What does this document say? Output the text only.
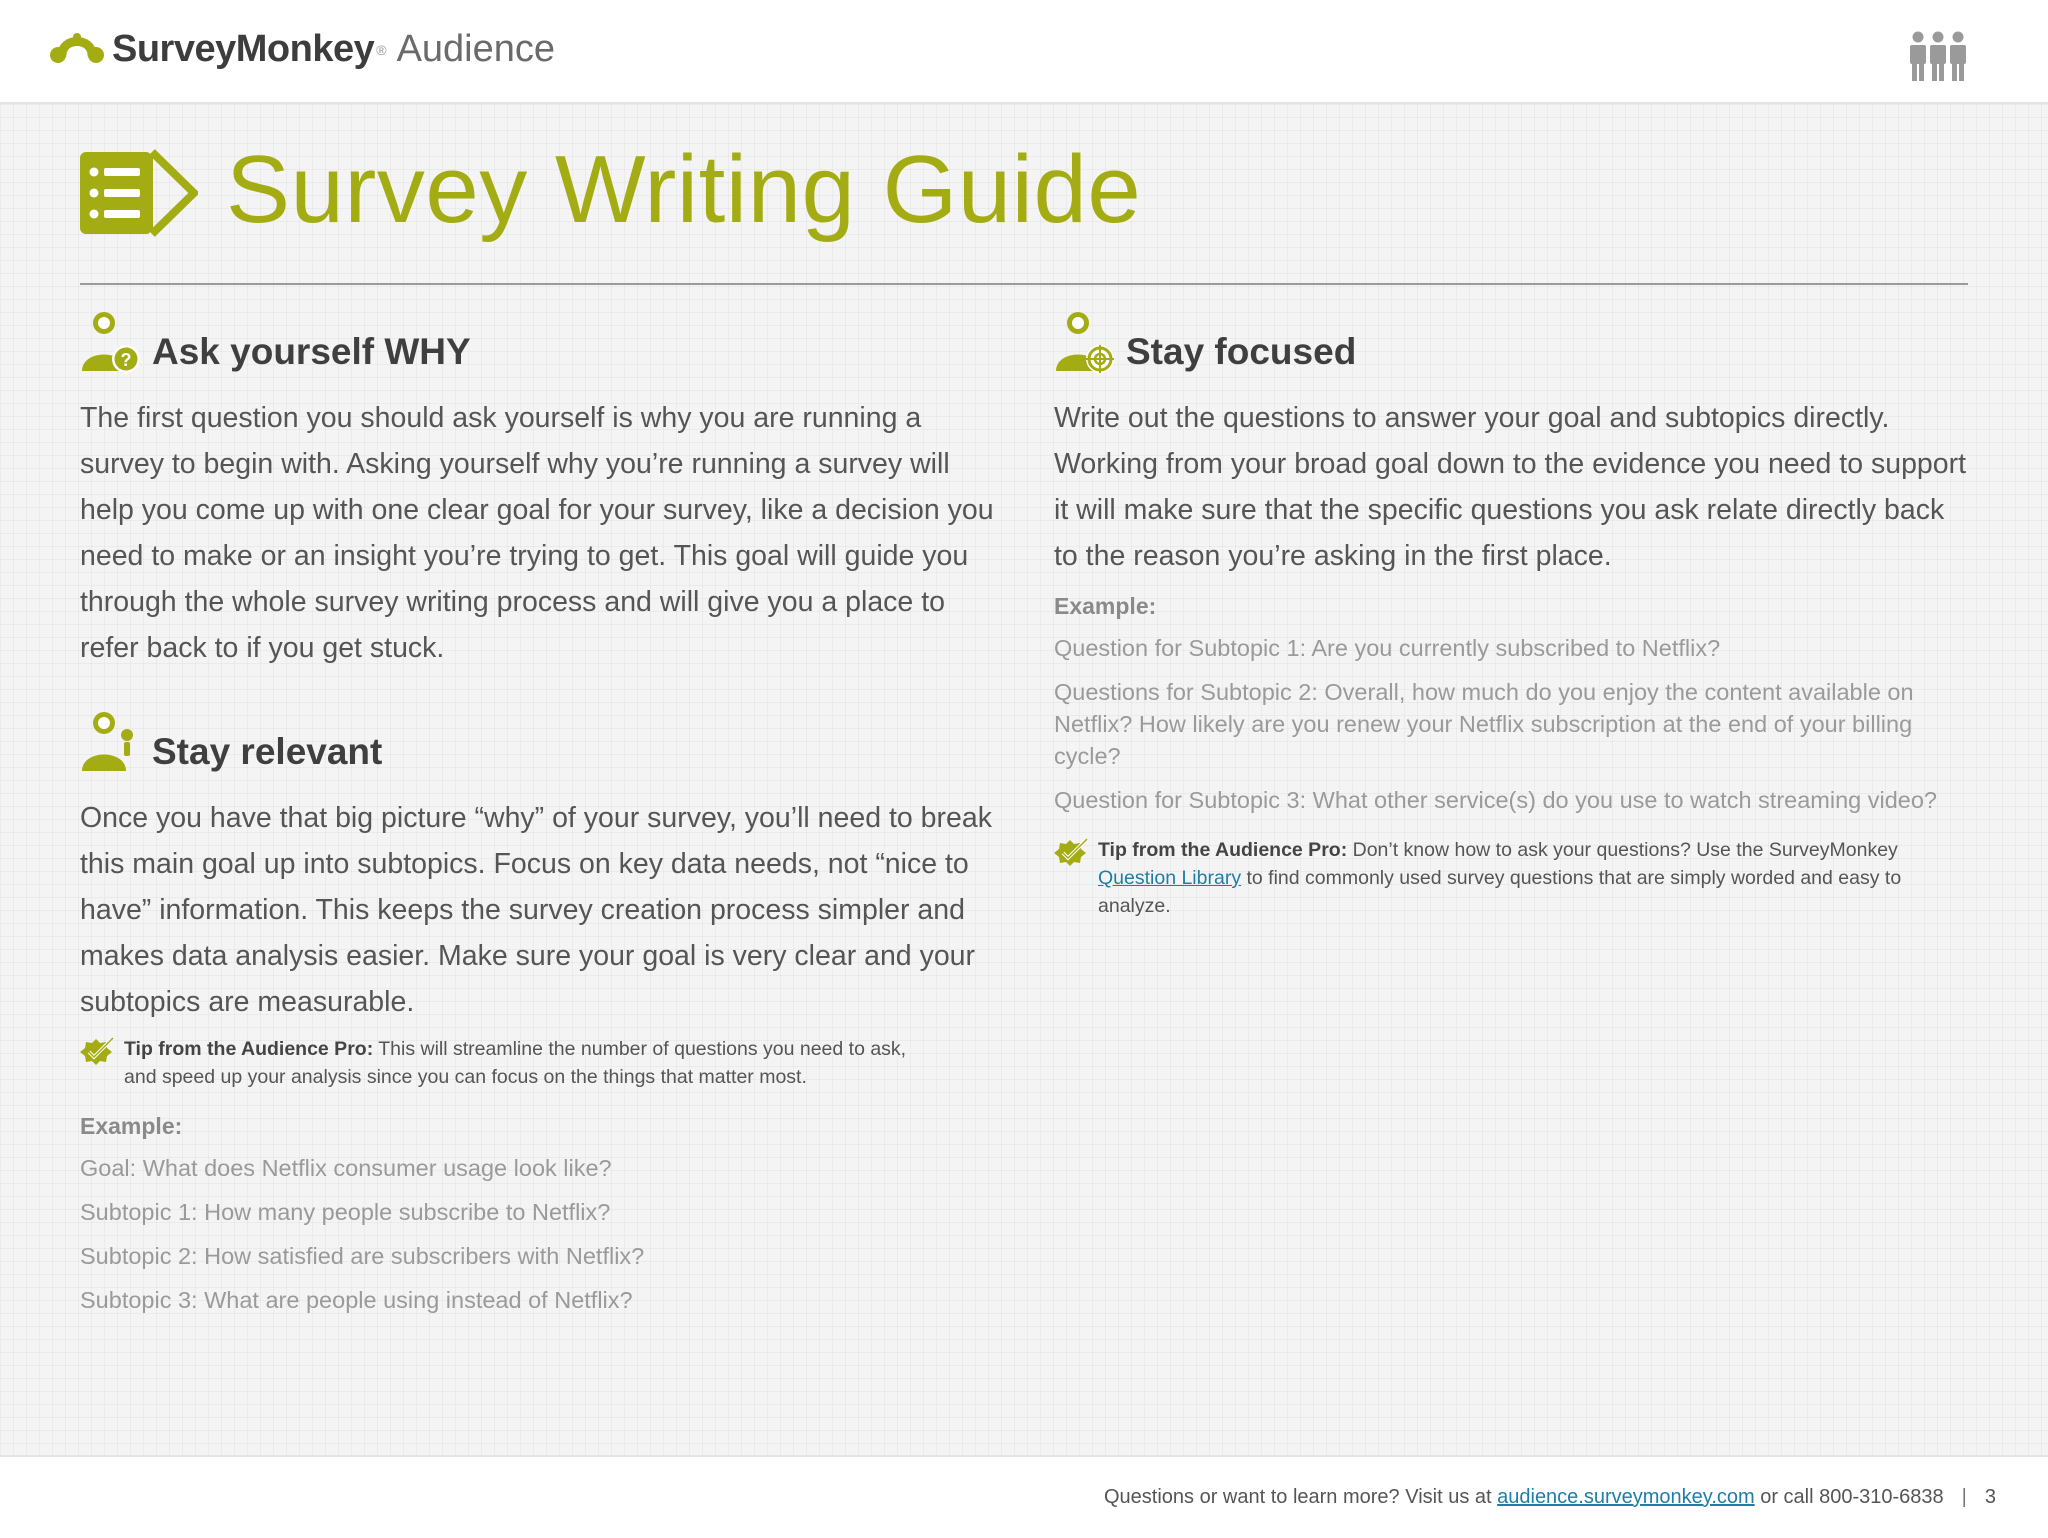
SurveyMonkey ® Audience
Survey Writing Guide
? Ask yourself WHY

The first question you should ask yourself is why you are running a survey to begin with. Asking yourself why you’re running a survey will help you come up with one clear goal for your survey, like a decision you need to make or an insight you’re trying to get. This goal will guide you through the whole survey writing process and will give you a place to refer back to if you get stuck.

Stay relevant

Once you have that big picture “why” of your survey, you’ll need to break this main goal up into subtopics. Focus on key data needs, not “nice to have” information. This keeps the survey creation process simpler and makes data analysis easier. Make sure your goal is very clear and your subtopics are measurable.

Tip from the Audience Pro: This will streamline the number of questions you need to ask, and speed up your analysis since you can focus on the things that matter most.
Example:
Goal: What does Netflix consumer usage look like?
Subtopic 1: How many people subscribe to Netflix?
Subtopic 2: How satisfied are subscribers with Netflix?
Subtopic 3: What are people using instead of Netflix?
Stay focused

Write out the questions to answer your goal and subtopics directly. Working from your broad goal down to the evidence you need to support it will make sure that the specific questions you ask relate directly back to the reason you’re asking in the first place.

Example:
Question for Subtopic 1: Are you currently subscribed to Netflix?
Questions for Subtopic 2: Overall, how much do you enjoy the content available on Netflix? How likely are you renew your Netflix subscription at the end of your billing cycle?
Question for Subtopic 3: What other service(s) do you use to watch streaming video?
Tip from the Audience Pro: Don’t know how to ask your questions? Use the SurveyMonkey Question Library to find commonly used survey questions that are simply worded and easy to analyze.
Questions or want to learn more? Visit us at audience.surveymonkey.com or call 800-310-6838 | 3
